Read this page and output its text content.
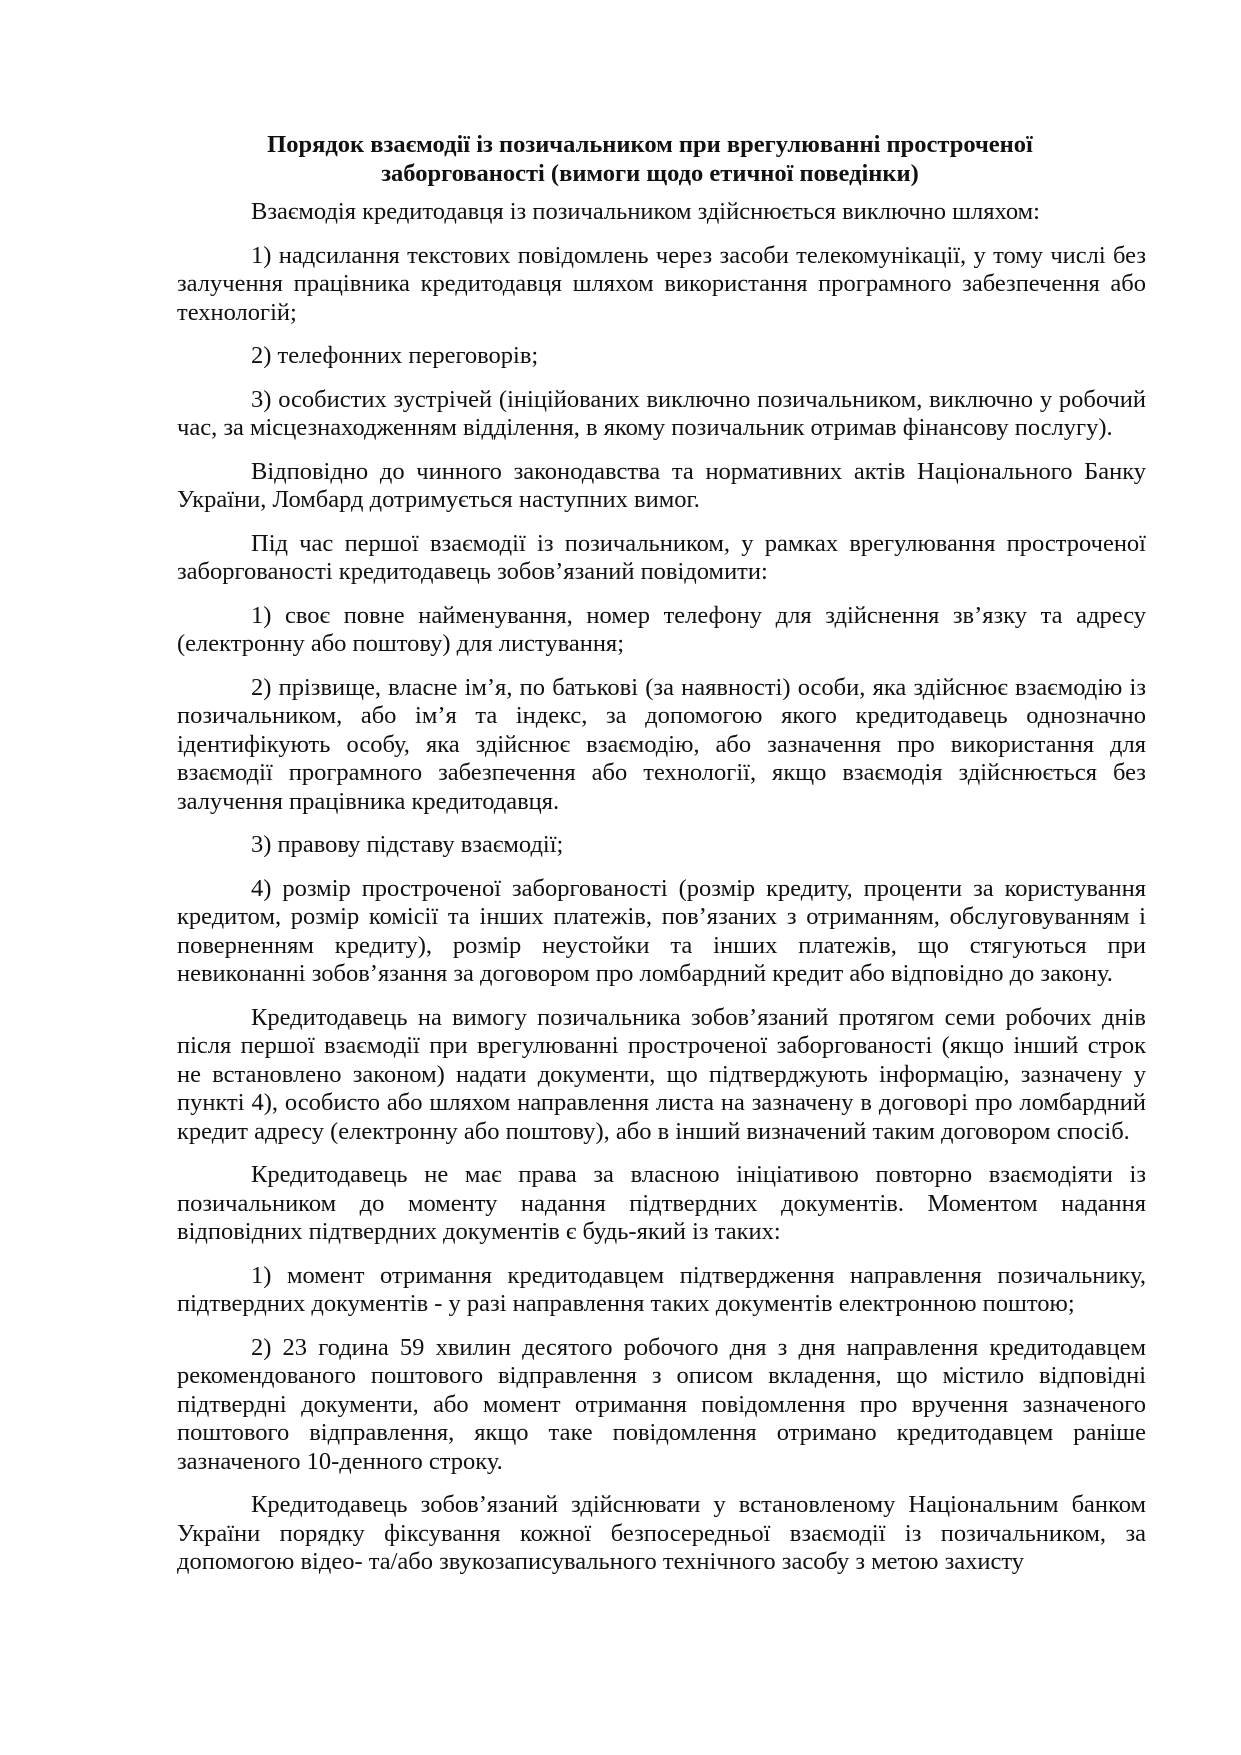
Порядок взаємодії із позичальником при врегулюванні простроченої заборгованості (вимоги щодо етичної поведінки)

Взаємодія кредитодавця із позичальником здійснюється виключно шляхом:

1) надсилання текстових повідомлень через засоби телекомунікації, у тому числі без залучення працівника кредитодавця шляхом використання програмного забезпечення або технологій;

2) телефонних переговорів;

3) особистих зустрічей (ініційованих виключно позичальником, виключно у робочий час, за місцезнаходженням відділення, в якому позичальник отримав фінансову послугу).

Відповідно до чинного законодавства та нормативних актів Національного Банку України, Ломбард дотримується наступних вимог.

Під час першої взаємодії із позичальником, у рамках врегулювання простроченої заборгованості кредитодавець зобов’язаний повідомити:

1) своє повне найменування, номер телефону для здійснення зв’язку та адресу (електронну або поштову) для листування;

2) прізвище, власне ім’я, по батькові (за наявності) особи, яка здійснює взаємодію із позичальником, або ім’я та індекс, за допомогою якого кредитодавець однозначно ідентифікують особу, яка здійснює взаємодію, або зазначення про використання для взаємодії програмного забезпечення або технології, якщо взаємодія здійснюється без залучення працівника кредитодавця.

3) правову підставу взаємодії;

4) розмір простроченої заборгованості (розмір кредиту, проценти за користування кредитом, розмір комісії та інших платежів, пов’язаних з отриманням, обслуговуванням і поверненням кредиту), розмір неустойки та інших платежів, що стягуються при невиконанні зобов’язання за договором про ломбардний кредит або відповідно до закону.

Кредитодавець на вимогу позичальника зобов’язаний протягом семи робочих днів після першої взаємодії при врегулюванні простроченої заборгованості (якщо інший строк не встановлено законом) надати документи, що підтверджують інформацію, зазначену у пункті 4), особисто або шляхом направлення листа на зазначену в договорі про ломбардний кредит адресу (електронну або поштову), або в інший визначений таким договором спосіб.

Кредитодавець не має права за власною ініціативою повторно взаємодіяти із позичальником до моменту надання підтвердних документів. Моментом надання відповідних підтвердних документів є будь-який із таких:

1) момент отримання кредитодавцем підтвердження направлення позичальнику, підтвердних документів - у разі направлення таких документів електронною поштою;

2) 23 година 59 хвилин десятого робочого дня з дня направлення кредитодавцем рекомендованого поштового відправлення з описом вкладення, що містило відповідні підтвердні документи, або момент отримання повідомлення про вручення зазначеного поштового відправлення, якщо таке повідомлення отримано кредитодавцем раніше зазначеного 10-денного строку.

Кредитодавець зобов’язаний здійснювати у встановленому Національним банком України порядку фіксування кожної безпосередньої взаємодії із позичальником, за допомогою відео- та/або звукозаписувального технічного засобу з метою захисту
